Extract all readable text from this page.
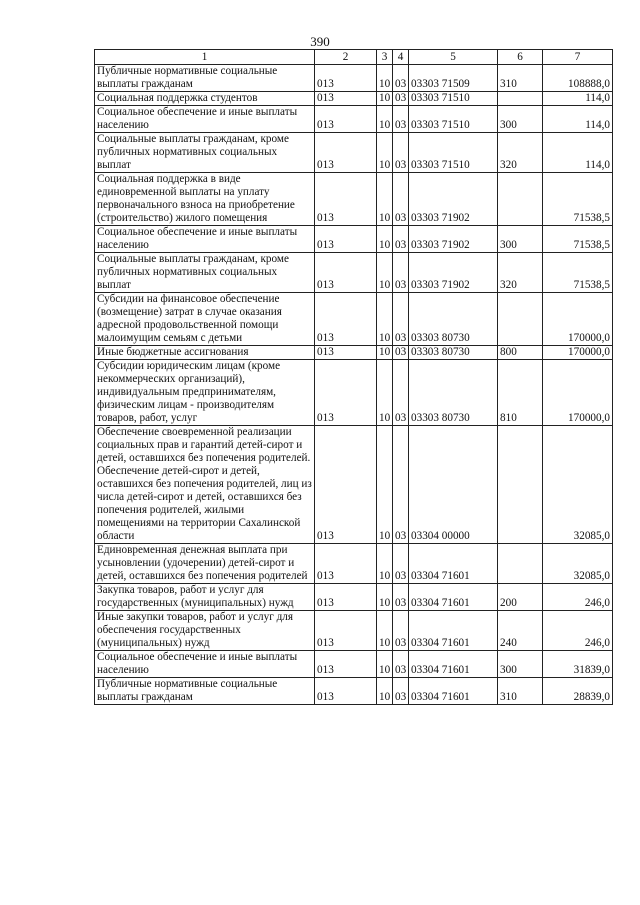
390
1	2	3	4	5	6	7
Публичные нормативные социальные выплаты гражданам	013	10	03	03303 71509	310	108888,0
Социальная поддержка студентов	013	10	03	03303 71510		114,0
Социальное обеспечение и иные выплаты населению	013	10	03	03303 71510	300	114,0
Социальные выплаты гражданам, кроме публичных нормативных социальных выплат	013	10	03	03303 71510	320	114,0
Социальная поддержка в виде единовременной выплаты на уплату первоначального взноса на приобретение (строительство) жилого помещения	013	10	03	03303 71902		71538,5
Социальное обеспечение и иные выплаты населению	013	10	03	03303 71902	300	71538,5
Социальные выплаты гражданам, кроме публичных нормативных социальных выплат	013	10	03	03303 71902	320	71538,5
Субсидии на финансовое обеспечение (возмещение) затрат в случае оказания адресной продовольственной помощи малоимущим семьям с детьми	013	10	03	03303 80730		170000,0
Иные бюджетные ассигнования	013	10	03	03303 80730	800	170000,0
Субсидии юридическим лицам (кроме некоммерческих организаций), индивидуальным предпринимателям, физическим лицам - производителям товаров, работ, услуг	013	10	03	03303 80730	810	170000,0
Обеспечение своевременной реализации социальных прав и гарантий детей-сирот и детей, оставшихся без попечения родителей. Обеспечение детей-сирот и детей, оставшихся без попечения родителей, лиц из числа детей-сирот и детей, оставшихся без попечения родителей, жилыми помещениями на территории Сахалинской области	013	10	03	03304 00000		32085,0
Единовременная денежная выплата при усыновлении (удочерении) детей-сирот и детей, оставшихся без попечения родителей	013	10	03	03304 71601		32085,0
Закупка товаров, работ и услуг для государственных (муниципальных) нужд	013	10	03	03304 71601	200	246,0
Иные закупки товаров, работ и услуг для обеспечения государственных (муниципальных) нужд	013	10	03	03304 71601	240	246,0
Социальное обеспечение и иные выплаты населению	013	10	03	03304 71601	300	31839,0
Публичные нормативные социальные выплаты гражданам	013	10	03	03304 71601	310	28839,0
